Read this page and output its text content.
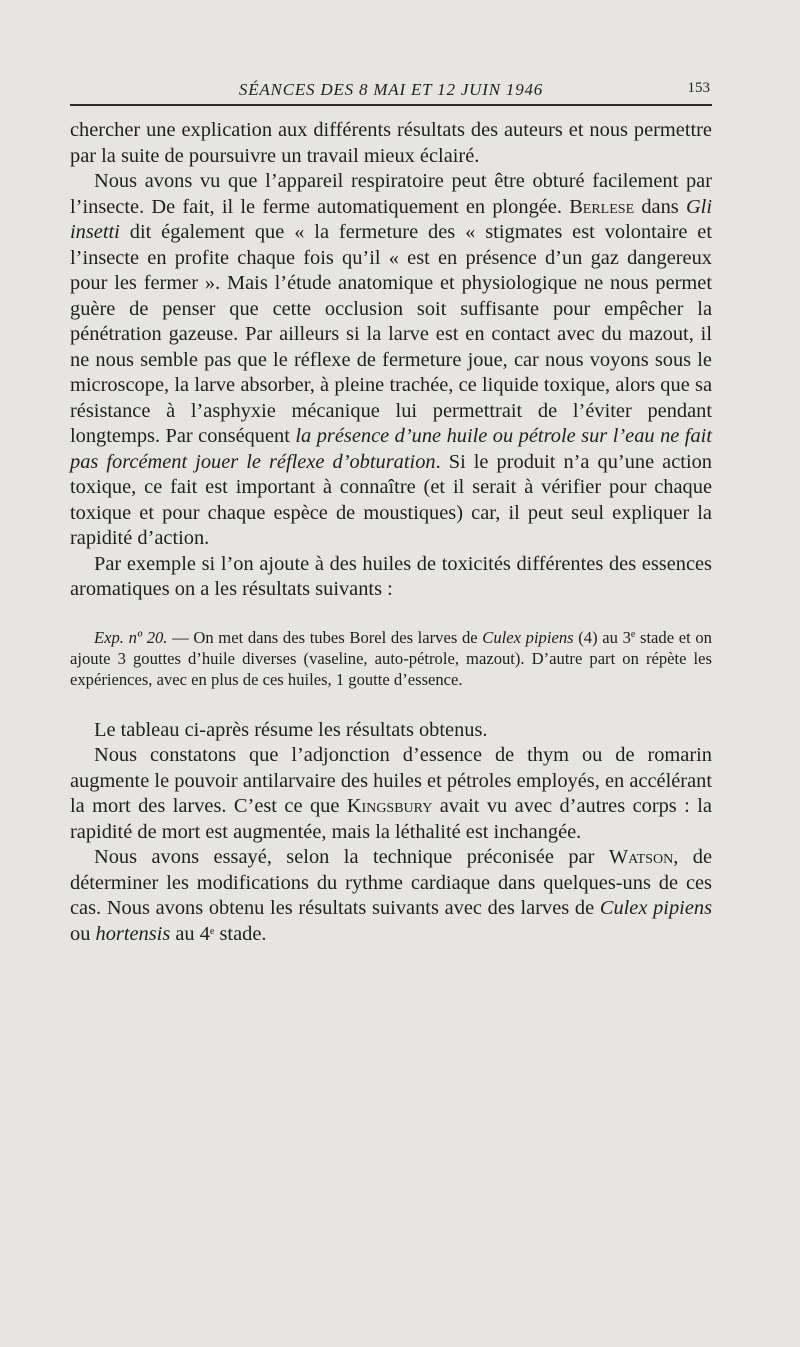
SÉANCES DES 8 MAI ET 12 JUIN 1946	153

chercher une explication aux différents résultats des auteurs et nous permettre par la suite de poursuivre un travail mieux éclairé.

Nous avons vu que l’appareil respiratoire peut être obturé facilement par l’insecte. De fait, il le ferme automatiquement en plongée. Berlese dans Gli insetti dit également que « la fermeture des « stigmates est volontaire et l’insecte en profite chaque fois qu’il « est en présence d’un gaz dangereux pour les fermer ». Mais l’étude anatomique et physiologique ne nous permet guère de penser que cette occlusion soit suffisante pour empêcher la pénétration gazeuse. Par ailleurs si la larve est en contact avec du mazout, il ne nous semble pas que le réflexe de fermeture joue, car nous voyons sous le microscope, la larve absorber, à pleine trachée, ce liquide toxique, alors que sa résistance à l’asphyxie mécanique lui permettrait de l’éviter pendant longtemps. Par conséquent la présence d’une huile ou pétrole sur l’eau ne fait pas forcément jouer le réflexe d’obturation. Si le produit n’a qu’une action toxique, ce fait est important à connaître (et il serait à vérifier pour chaque toxique et pour chaque espèce de moustiques) car, il peut seul expliquer la rapidité d’action.

Par exemple si l’on ajoute à des huiles de toxicités différentes des essences aromatiques on a les résultats suivants :

Exp. nº 20. — On met dans des tubes Borel des larves de Culex pipiens (4) au 3e stade et on ajoute 3 gouttes d’huile diverses (vaseline, auto-pétrole, mazout). D’autre part on répète les expériences, avec en plus de ces huiles, 1 goutte d’essence.

Le tableau ci-après résume les résultats obtenus.

Nous constatons que l’adjonction d’essence de thym ou de romarin augmente le pouvoir antilarvaire des huiles et pétroles employés, en accélérant la mort des larves. C’est ce que Kingsbury avait vu avec d’autres corps : la rapidité de mort est augmentée, mais la léthalité est inchangée.

Nous avons essayé, selon la technique préconisée par Watson, de déterminer les modifications du rythme cardiaque dans quelques-uns de ces cas. Nous avons obtenu les résultats suivants avec des larves de Culex pipiens ou hortensis au 4e stade.
